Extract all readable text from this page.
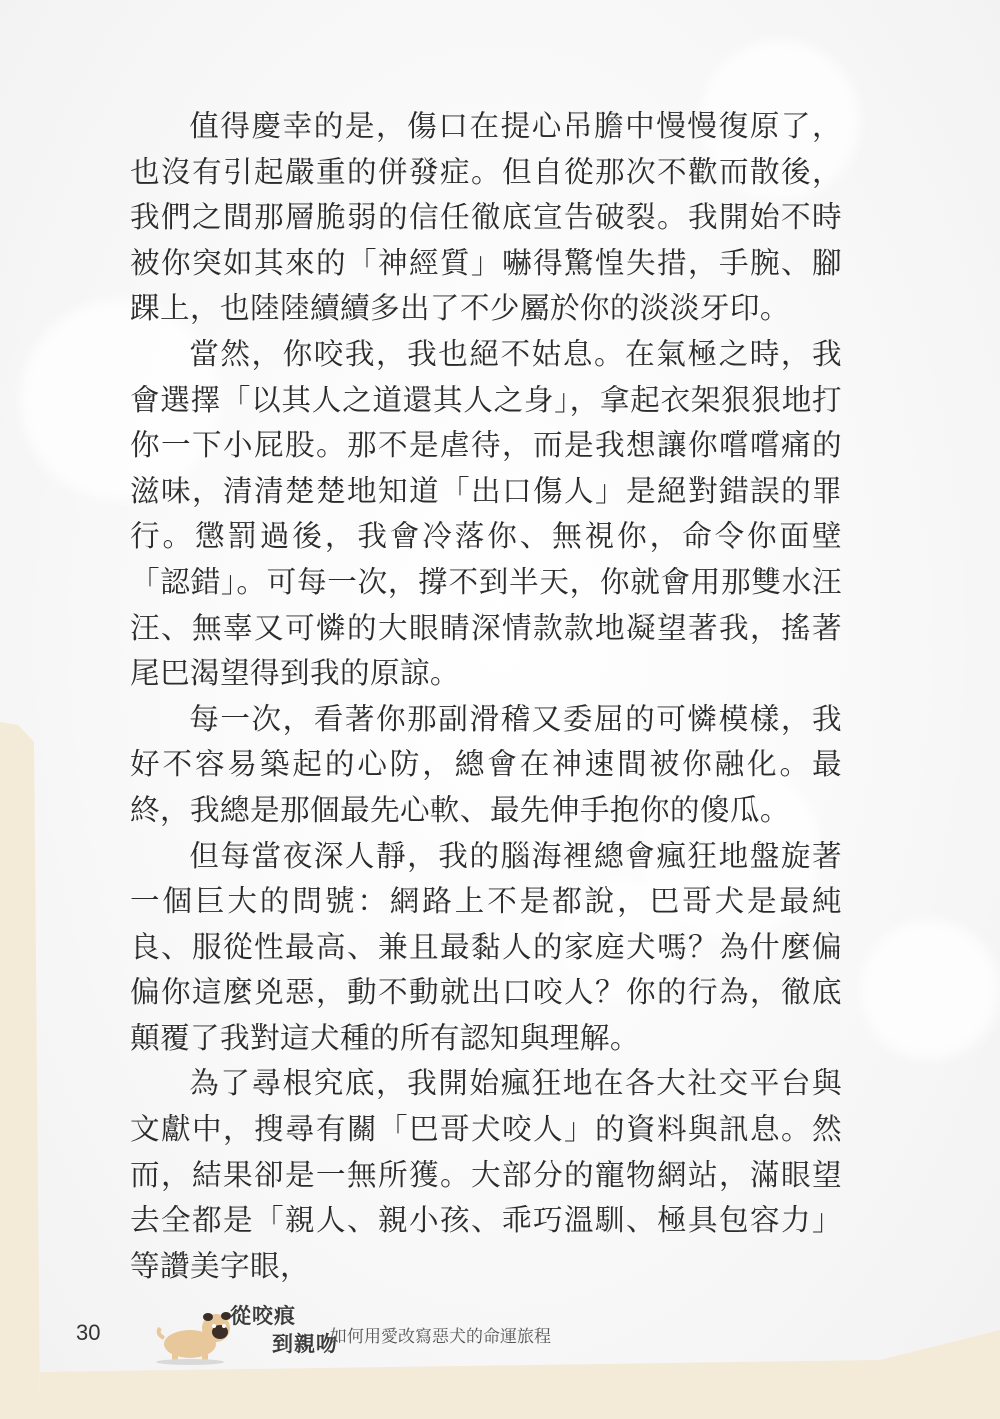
值得慶幸的是，傷口在提心吊膽中慢慢復原了，也沒有引起嚴重的併發症。但自從那次不歡而散後，我們之間那層脆弱的信任徹底宣告破裂。我開始不時被你突如其來的「神經質」嚇得驚惶失措，手腕、腳踝上，也陸陸續續多出了不少屬於你的淡淡牙印。

當然，你咬我，我也絕不姑息。在氣極之時，我會選擇「以其人之道還其人之身」，拿起衣架狠狠地打你一下小屁股。那不是虐待，而是我想讓你嚐嚐痛的滋味，清清楚楚地知道「出口傷人」是絕對錯誤的罪行。懲罰過後，我會冷落你、無視你，命令你面壁「認錯」。可每一次，撐不到半天，你就會用那雙水汪汪、無辜又可憐的大眼睛深情款款地凝望著我，搖著尾巴渴望得到我的原諒。

每一次，看著你那副滑稽又委屈的可憐模樣，我好不容易築起的心防，總會在神速間被你融化。最終，我總是那個最先心軟、最先伸手抱你的傻瓜。

但每當夜深人靜，我的腦海裡總會瘋狂地盤旋著一個巨大的問號：網路上不是都說，巴哥犬是最純良、服從性最高、兼且最黏人的家庭犬嗎？為什麼偏偏你這麼兇惡，動不動就出口咬人？你的行為，徹底顛覆了我對這犬種的所有認知與理解。

為了尋根究底，我開始瘋狂地在各大社交平台與文獻中，搜尋有關「巴哥犬咬人」的資料與訊息。然而，結果卻是一無所獲。大部分的寵物網站，滿眼望去全都是「親人、親小孩、乖巧溫馴、極具包容力」等讚美字眼，

30
從咬痕
到親吻
如何用愛改寫惡犬的命運旅程
